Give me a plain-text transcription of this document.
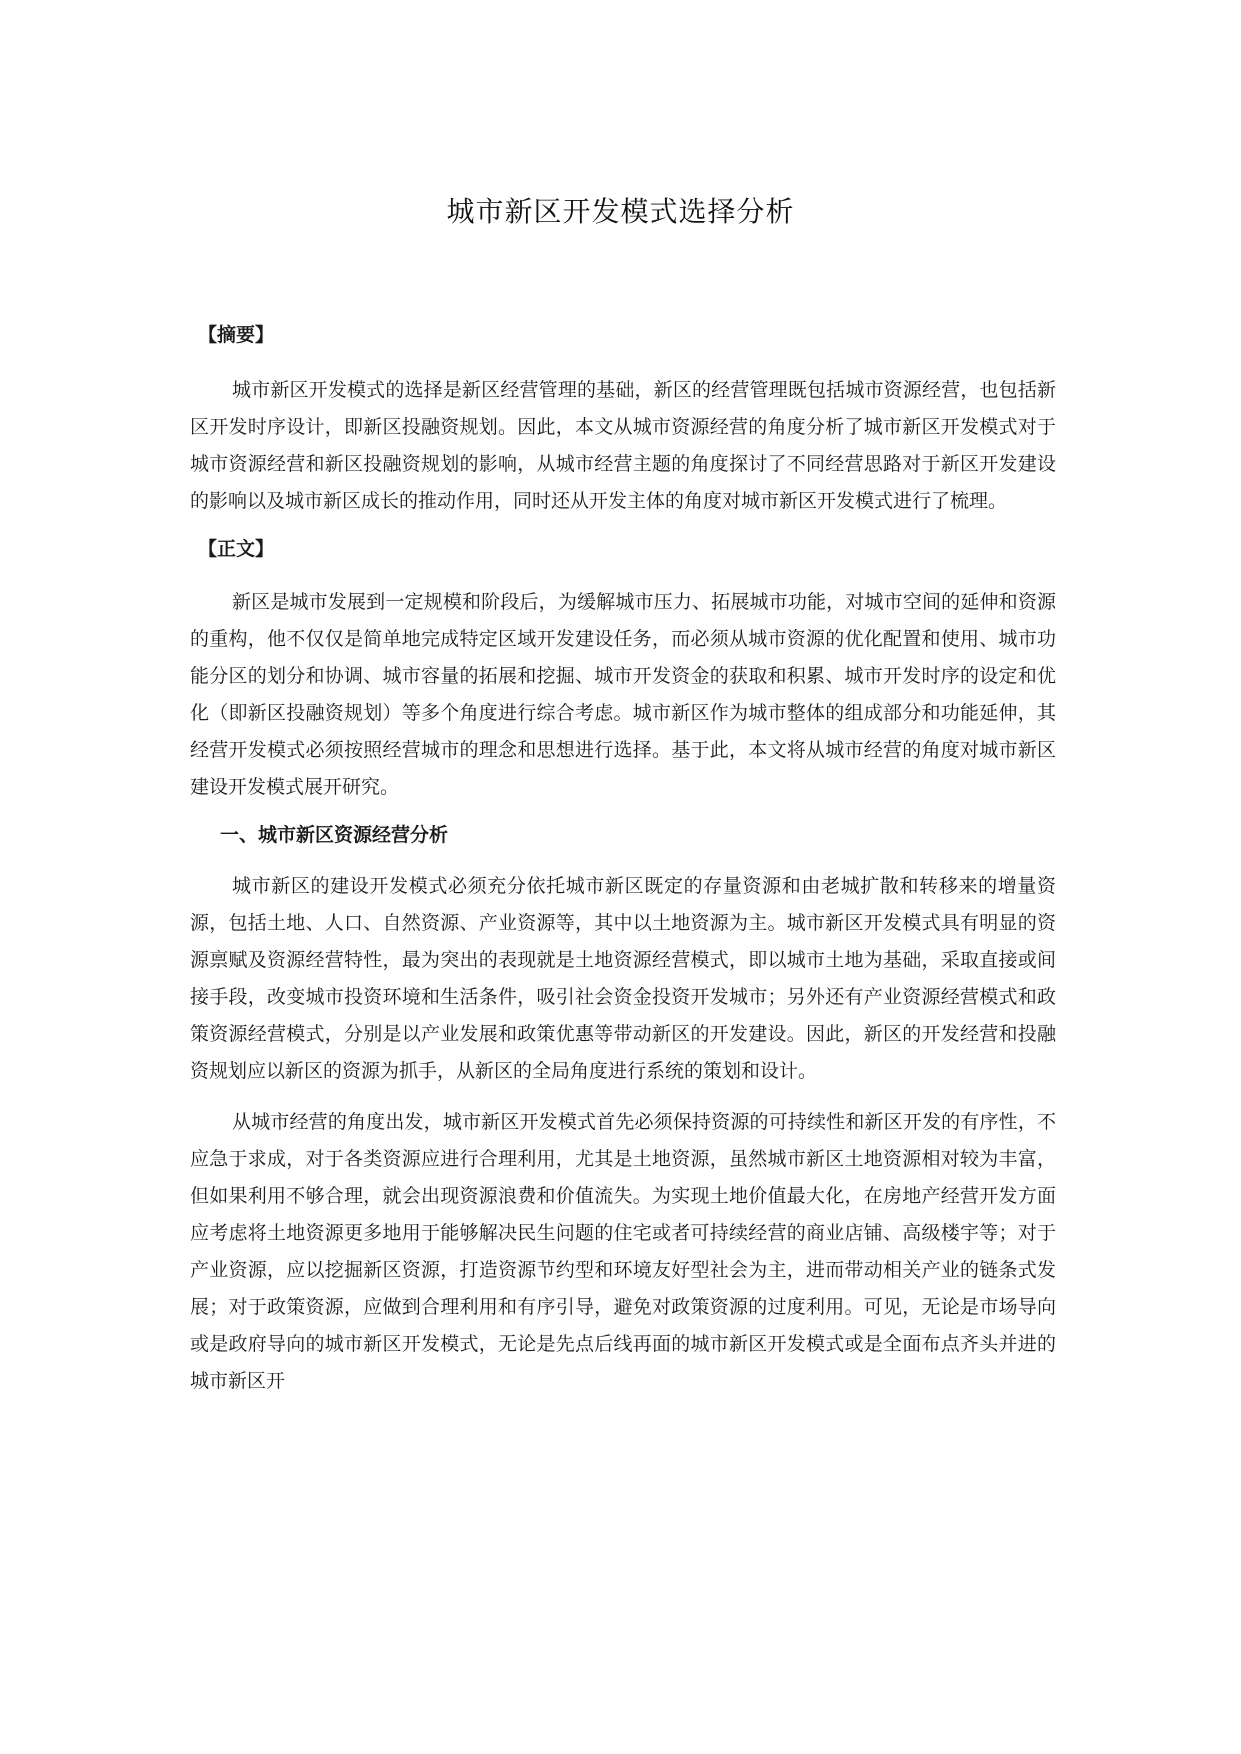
城市新区开发模式选择分析
【摘要】

城市新区开发模式的选择是新区经营管理的基础，新区的经营管理既包括城市资源经营，也包括新区开发时序设计，即新区投融资规划。因此，本文从城市资源经营的角度分析了城市新区开发模式对于城市资源经营和新区投融资规划的影响，从城市经营主题的角度探讨了不同经营思路对于新区开发建设的影响以及城市新区成长的推动作用，同时还从开发主体的角度对城市新区开发模式进行了梳理。

【正文】

新区是城市发展到一定规模和阶段后，为缓解城市压力、拓展城市功能，对城市空间的延伸和资源的重构，他不仅仅是简单地完成特定区域开发建设任务，而必须从城市资源的优化配置和使用、城市功能分区的划分和协调、城市容量的拓展和挖掘、城市开发资金的获取和积累、城市开发时序的设定和优化（即新区投融资规划）等多个角度进行综合考虑。城市新区作为城市整体的组成部分和功能延伸，其经营开发模式必须按照经营城市的理念和思想进行选择。基于此，本文将从城市经营的角度对城市新区建设开发模式展开研究。

一、城市新区资源经营分析

城市新区的建设开发模式必须充分依托城市新区既定的存量资源和由老城扩散和转移来的增量资源，包括土地、人口、自然资源、产业资源等，其中以土地资源为主。城市新区开发模式具有明显的资源禀赋及资源经营特性，最为突出的表现就是土地资源经营模式，即以城市土地为基础，采取直接或间接手段，改变城市投资环境和生活条件，吸引社会资金投资开发城市；另外还有产业资源经营模式和政策资源经营模式，分别是以产业发展和政策优惠等带动新区的开发建设。因此，新区的开发经营和投融资规划应以新区的资源为抓手，从新区的全局角度进行系统的策划和设计。

从城市经营的角度出发，城市新区开发模式首先必须保持资源的可持续性和新区开发的有序性，不应急于求成，对于各类资源应进行合理利用，尤其是土地资源，虽然城市新区土地资源相对较为丰富，但如果利用不够合理，就会出现资源浪费和价值流失。为实现土地价值最大化，在房地产经营开发方面应考虑将土地资源更多地用于能够解决民生问题的住宅或者可持续经营的商业店铺、高级楼宇等；对于产业资源，应以挖掘新区资源，打造资源节约型和环境友好型社会为主，进而带动相关产业的链条式发展；对于政策资源，应做到合理利用和有序引导，避免对政策资源的过度利用。可见，无论是市场导向或是政府导向的城市新区开发模式，无论是先点后线再面的城市新区开发模式或是全面布点齐头并进的城市新区开
